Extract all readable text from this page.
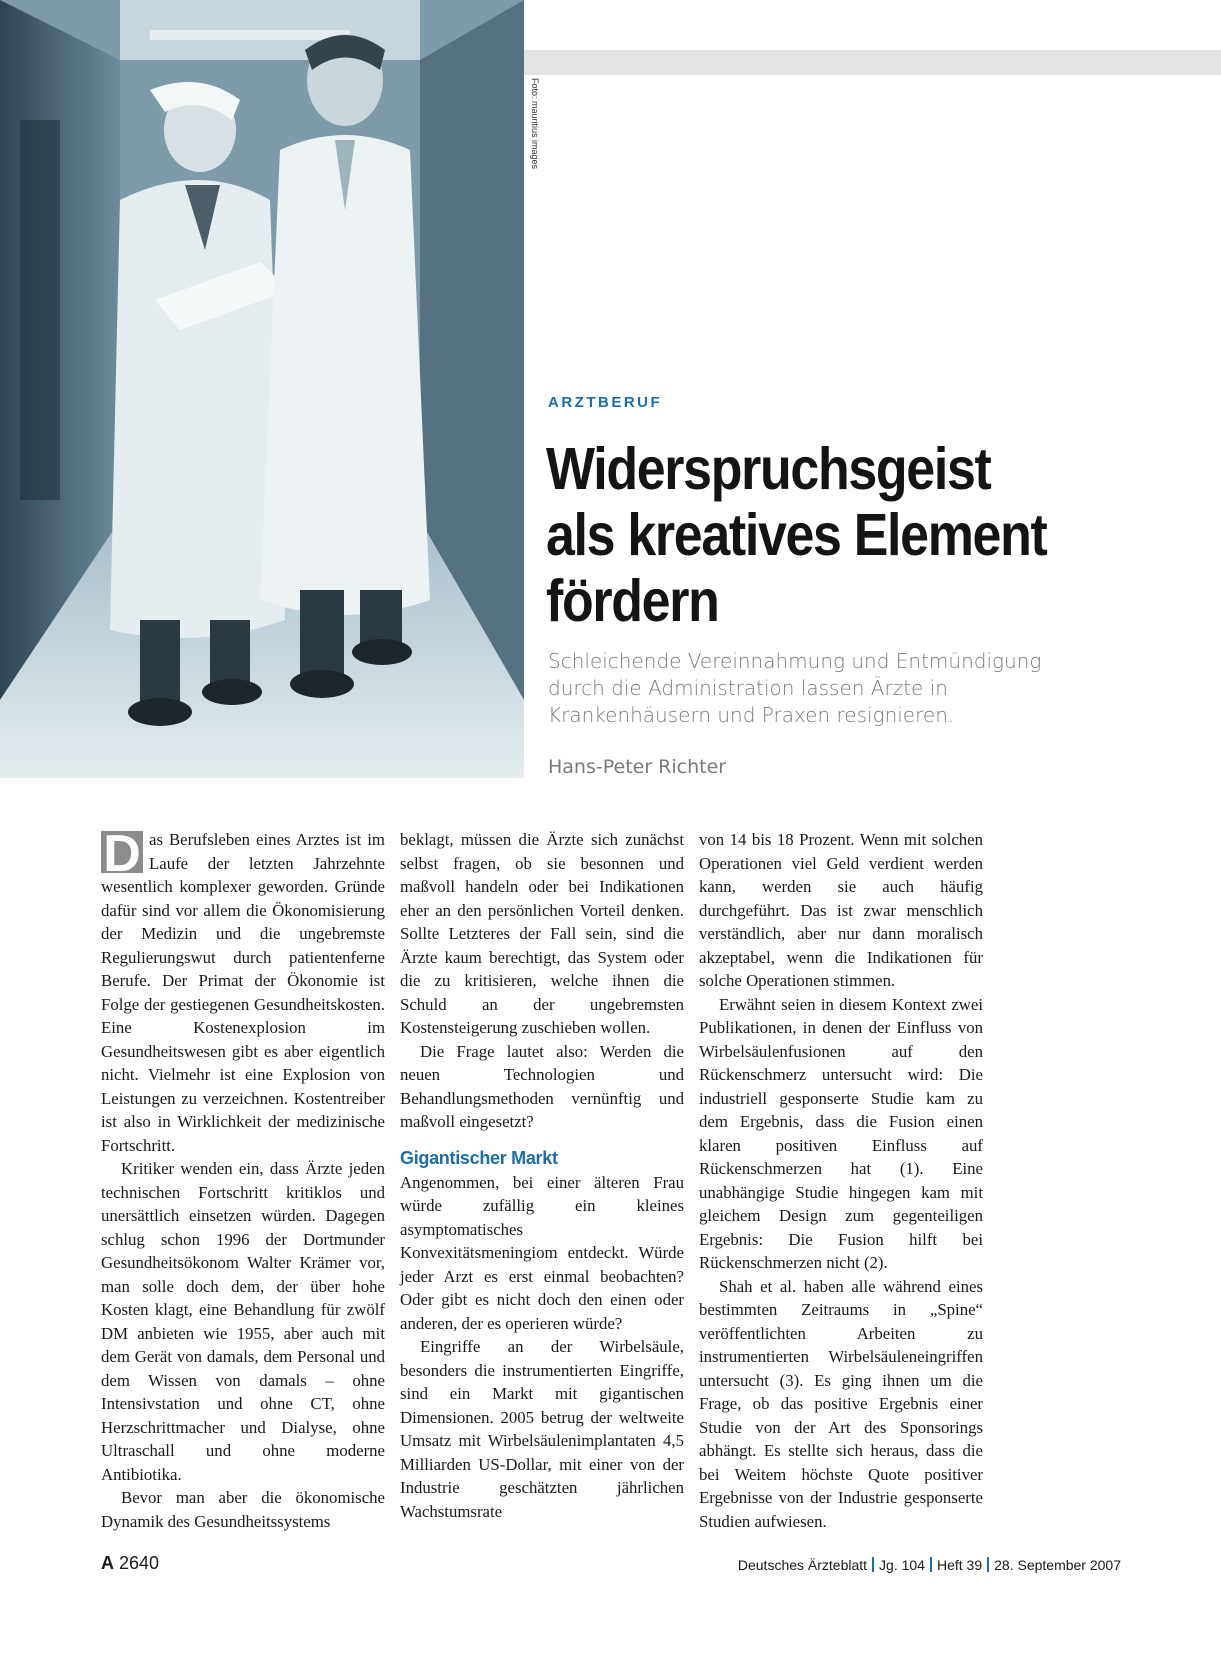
Foto: mauritius images
ARZTBERUF
Widerspruchsgeist
als kreatives Element
fördern
Schleichende Vereinnahmung und Entmündigung
durch die Administration lassen Ärzte in
Krankenhäusern und Praxen resignieren.
Hans-Peter Richter

D as Berufsleben eines Arztes ist im Laufe der letzten Jahrzehnte wesentlich komplexer geworden. Gründe dafür sind vor allem die Ökonomisierung der Medizin und die ungebremste Regulierungswut durch patientenferne Berufe. Der Primat der Ökonomie ist Folge der gestiegenen Gesundheitskosten. Eine Kostenexplosion im Gesundheitswesen gibt es aber eigentlich nicht. Vielmehr ist eine Explosion von Leistungen zu verzeichnen. Kostentreiber ist also in Wirklichkeit der medizinische Fortschritt.

Kritiker wenden ein, dass Ärzte jeden technischen Fortschritt kritiklos und unersättlich einsetzen würden. Dagegen schlug schon 1996 der Dortmunder Gesundheitsökonom Walter Krämer vor, man solle doch dem, der über hohe Kosten klagt, eine Behandlung für zwölf DM anbieten wie 1955, aber auch mit dem Gerät von damals, dem Personal und dem Wissen von damals – ohne Intensivstation und ohne CT, ohne Herzschrittmacher und Dialyse, ohne Ultraschall und ohne moderne Antibiotika.

Bevor man aber die ökonomische Dynamik des Gesundheitssystems

beklagt, müssen die Ärzte sich zunächst selbst fragen, ob sie besonnen und maßvoll handeln oder bei Indikationen eher an den persönlichen Vorteil denken. Sollte Letzteres der Fall sein, sind die Ärzte kaum berechtigt, das System oder die zu kritisieren, welche ihnen die Schuld an der ungebremsten Kostensteigerung zuschieben wollen.

Die Frage lautet also: Werden die neuen Technologien und Behandlungsmethoden vernünftig und maßvoll eingesetzt?

Gigantischer Markt

Angenommen, bei einer älteren Frau würde zufällig ein kleines asymptomatisches Konvexitätsmeningiom entdeckt. Würde jeder Arzt es erst einmal beobachten? Oder gibt es nicht doch den einen oder anderen, der es operieren würde?

Eingriffe an der Wirbelsäule, besonders die instrumentierten Eingriffe, sind ein Markt mit gigantischen Dimensionen. 2005 betrug der weltweite Umsatz mit Wirbelsäulenimplantaten 4,5 Milliarden US-Dollar, mit einer von der Industrie geschätzten jährlichen Wachstumsrate

von 14 bis 18 Prozent. Wenn mit solchen Operationen viel Geld verdient werden kann, werden sie auch häufig durchgeführt. Das ist zwar menschlich verständlich, aber nur dann moralisch akzeptabel, wenn die Indikationen für solche Operationen stimmen.

Erwähnt seien in diesem Kontext zwei Publikationen, in denen der Einfluss von Wirbelsäulenfusionen auf den Rückenschmerz untersucht wird: Die industriell gesponserte Studie kam zu dem Ergebnis, dass die Fusion einen klaren positiven Einfluss auf Rückenschmerzen hat (1). Eine unabhängige Studie hingegen kam mit gleichem Design zum gegenteiligen Ergebnis: Die Fusion hilft bei Rückenschmerzen nicht (2).

Shah et al. haben alle während eines bestimmten Zeitraums in „Spine“ veröffentlichten Arbeiten zu instrumentierten Wirbelsäuleneingriffen untersucht (3). Es ging ihnen um die Frage, ob das positive Ergebnis einer Studie von der Art des Sponsorings abhängt. Es stellte sich heraus, dass die bei Weitem höchste Quote positiver Ergebnisse von der Industrie gesponserte Studien aufwiesen.

A 2640	Deutsches Ärzteblatt Jg. 104 Heft 39 28. September 2007
